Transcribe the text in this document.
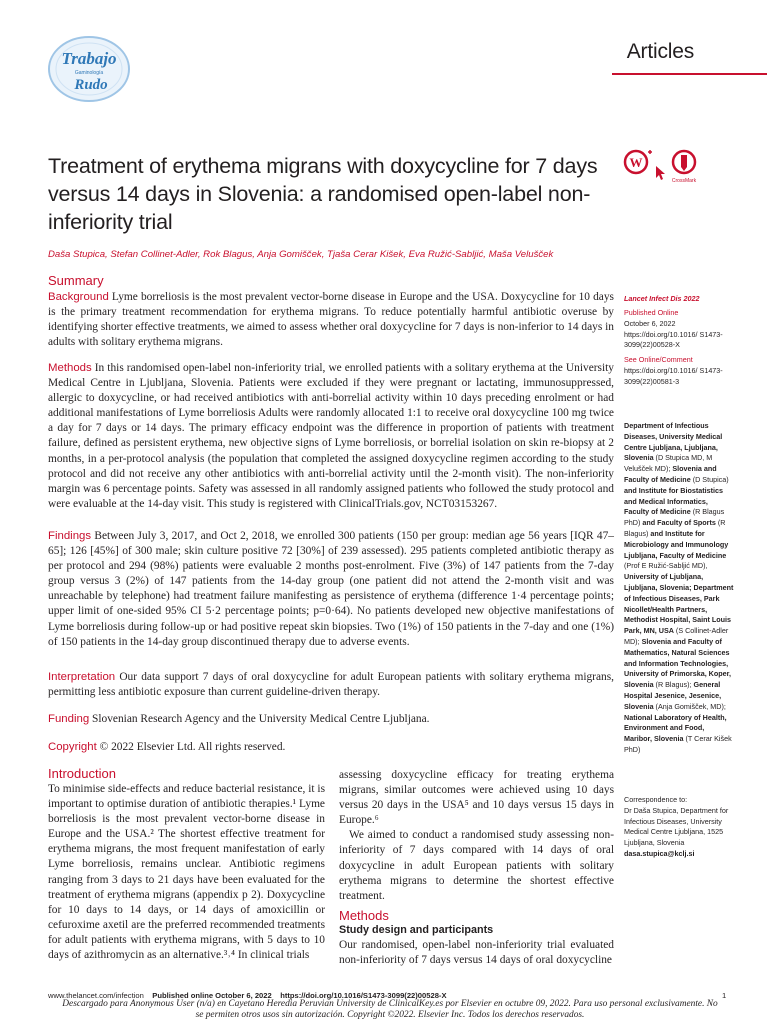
Trabajo
Gaminología
Rudo
Articles
Treatment of erythema migrans with doxycycline for 7 days versus 14 days in Slovenia: a randomised open-label non-inferiority trial
W
CrossMark
Daša Stupica, Stefan Collinet-Adler, Rok Blagus, Anja Gomišček, Tjaša Cerar Kišek, Eva Ružić-Sabljić, Maša Velušček
Summary
Background Lyme borreliosis is the most prevalent vector-borne disease in Europe and the USA. Doxycycline for 10 days is the primary treatment recommendation for erythema migrans. To reduce potentially harmful antibiotic overuse by identifying shorter effective treatments, we aimed to assess whether oral doxycycline for 7 days is non-inferior to 14 days in adults with solitary erythema migrans.
Methods In this randomised open-label non-inferiority trial, we enrolled patients with a solitary erythema at the University Medical Centre in Ljubljana, Slovenia. Patients were excluded if they were pregnant or lactating, immunosuppressed, allergic to doxycycline, or had received antibiotics with anti-borrelial activity within 10 days preceding enrolment or had additional manifestations of Lyme borreliosis Adults were randomly allocated 1:1 to receive oral doxycycline 100 mg twice a day for 7 days or 14 days. The primary efficacy endpoint was the difference in proportion of patients with treatment failure, defined as persistent erythema, new objective signs of Lyme borreliosis, or borrelial isolation on skin re-biopsy at 2 months, in a per-protocol analysis (the population that completed the assigned doxycycline regimen according to the study protocol and did not receive any other antibiotics with anti-borrelial activity until the 2-month visit). The non-inferiority margin was 6 percentage points. Safety was assessed in all randomly assigned patients who followed the study protocol and were evaluable at the 14-day visit. This study is registered with ClinicalTrials.gov, NCT03153267.
Findings Between July 3, 2017, and Oct 2, 2018, we enrolled 300 patients (150 per group: median age 56 years [IQR 47–65]; 126 [45%] of 300 male; skin culture positive 72 [30%] of 239 assessed). 295 patients completed antibiotic therapy as per protocol and 294 (98%) patients were evaluable 2 months post-enrolment. Five (3%) of 147 patients from the 7-day group versus 3 (2%) of 147 patients from the 14-day group (one patient did not attend the 2-month visit and was unreachable by telephone) had treatment failure manifesting as persistence of erythema (difference 1·4 percentage points; upper limit of one-sided 95% CI 5·2 percentage points; p=0·64). No patients developed new objective manifestations of Lyme borreliosis during follow-up or had positive repeat skin biopsies. Two (1%) of 150 patients in the 7-day and one (1%) of 150 patients in the 14-day group discontinued therapy due to adverse events.
Interpretation Our data support 7 days of oral doxycycline for adult European patients with solitary erythema migrans, permitting less antibiotic exposure than current guideline-driven therapy.
Funding Slovenian Research Agency and the University Medical Centre Ljubljana.
Copyright © 2022 Elsevier Ltd. All rights reserved.
Introduction
To minimise side-effects and reduce bacterial resistance, it is important to optimise duration of antibiotic therapies.¹ Lyme borreliosis is the most prevalent vector-borne disease in Europe and the USA.² The shortest effective treatment for erythema migrans, the most frequent manifestation of early Lyme borreliosis, remains unclear. Antibiotic regimens ranging from 3 days to 21 days have been evaluated for the treatment of erythema migrans (appendix p 2). Doxycycline for 10 days to 14 days, or 14 days of amoxicillin or cefuroxime axetil are the preferred recommended treatments for adult patients with erythema migrans, with 5 days to 10 days of azithromycin as an alternative.³˒⁴ In clinical trials

assessing doxycycline efficacy for treating erythema migrans, similar outcomes were achieved using 10 days versus 20 days in the USA⁵ and 10 days versus 15 days in Europe.⁶

We aimed to conduct a randomised study assessing non-inferiority of 7 days compared with 14 days of oral doxycycline in adult European patients with solitary erythema migrans to determine the shortest effective treatment.

Methods
Study design and participants
Our randomised, open-label non-inferiority trial evaluated non-inferiority of 7 days versus 14 days of oral doxycycline
Lancet Infect Dis 2022
Published Online
October 6, 2022 https://doi.org/10.1016/ S1473-3099(22)00528-X
See Online/Comment
https://doi.org/10.1016/ S1473-3099(22)00581-3
Department of Infectious Diseases, University Medical Centre Ljubljana, Ljubljana, Slovenia (D Stupica MD, M Velušček MD); Slovenia and Faculty of Medicine (D Stupica) and Institute for Biostatistics and Medical Informatics, Faculty of Medicine (R Blagus PhD) and Faculty of Sports (R Blagus) and Institute for Microbiology and Immunology Ljubljana, Faculty of Medicine (Prof E Ružić-Sabljić MD), University of Ljubljana, Ljubljana, Slovenia; Department of Infectious Diseases, Park Nicollet/Health Partners, Methodist Hospital, Saint Louis Park, MN, USA (S Collinet-Adler MD); Slovenia and Faculty of Mathematics, Natural Sciences and Information Technologies, University of Primorska, Koper, Slovenia (R Blagus); General Hospital Jesenice, Jesenice, Slovenia (Anja Gomišček, MD); National Laboratory of Health, Environment and Food, Maribor, Slovenia (T Cerar Kišek PhD)
Correspondence to:
Dr Daša Stupica, Department for Infectious Diseases, University Medical Centre Ljubljana, 1525 Ljubljana, Slovenia
dasa.stupica@kclj.si
www.thelancet.com/infection Published online October 6, 2022 https://doi.org/10.1016/S1473-3099(22)00528-X	1
Descargado para Anonymous User (n/a) en Cayetano Heredia Peruvian University de ClinicalKey.es por Elsevier en octubre 09, 2022. Para uso personal exclusivamente. No se permiten otros usos sin autorización. Copyright ©2022. Elsevier Inc. Todos los derechos reservados.
